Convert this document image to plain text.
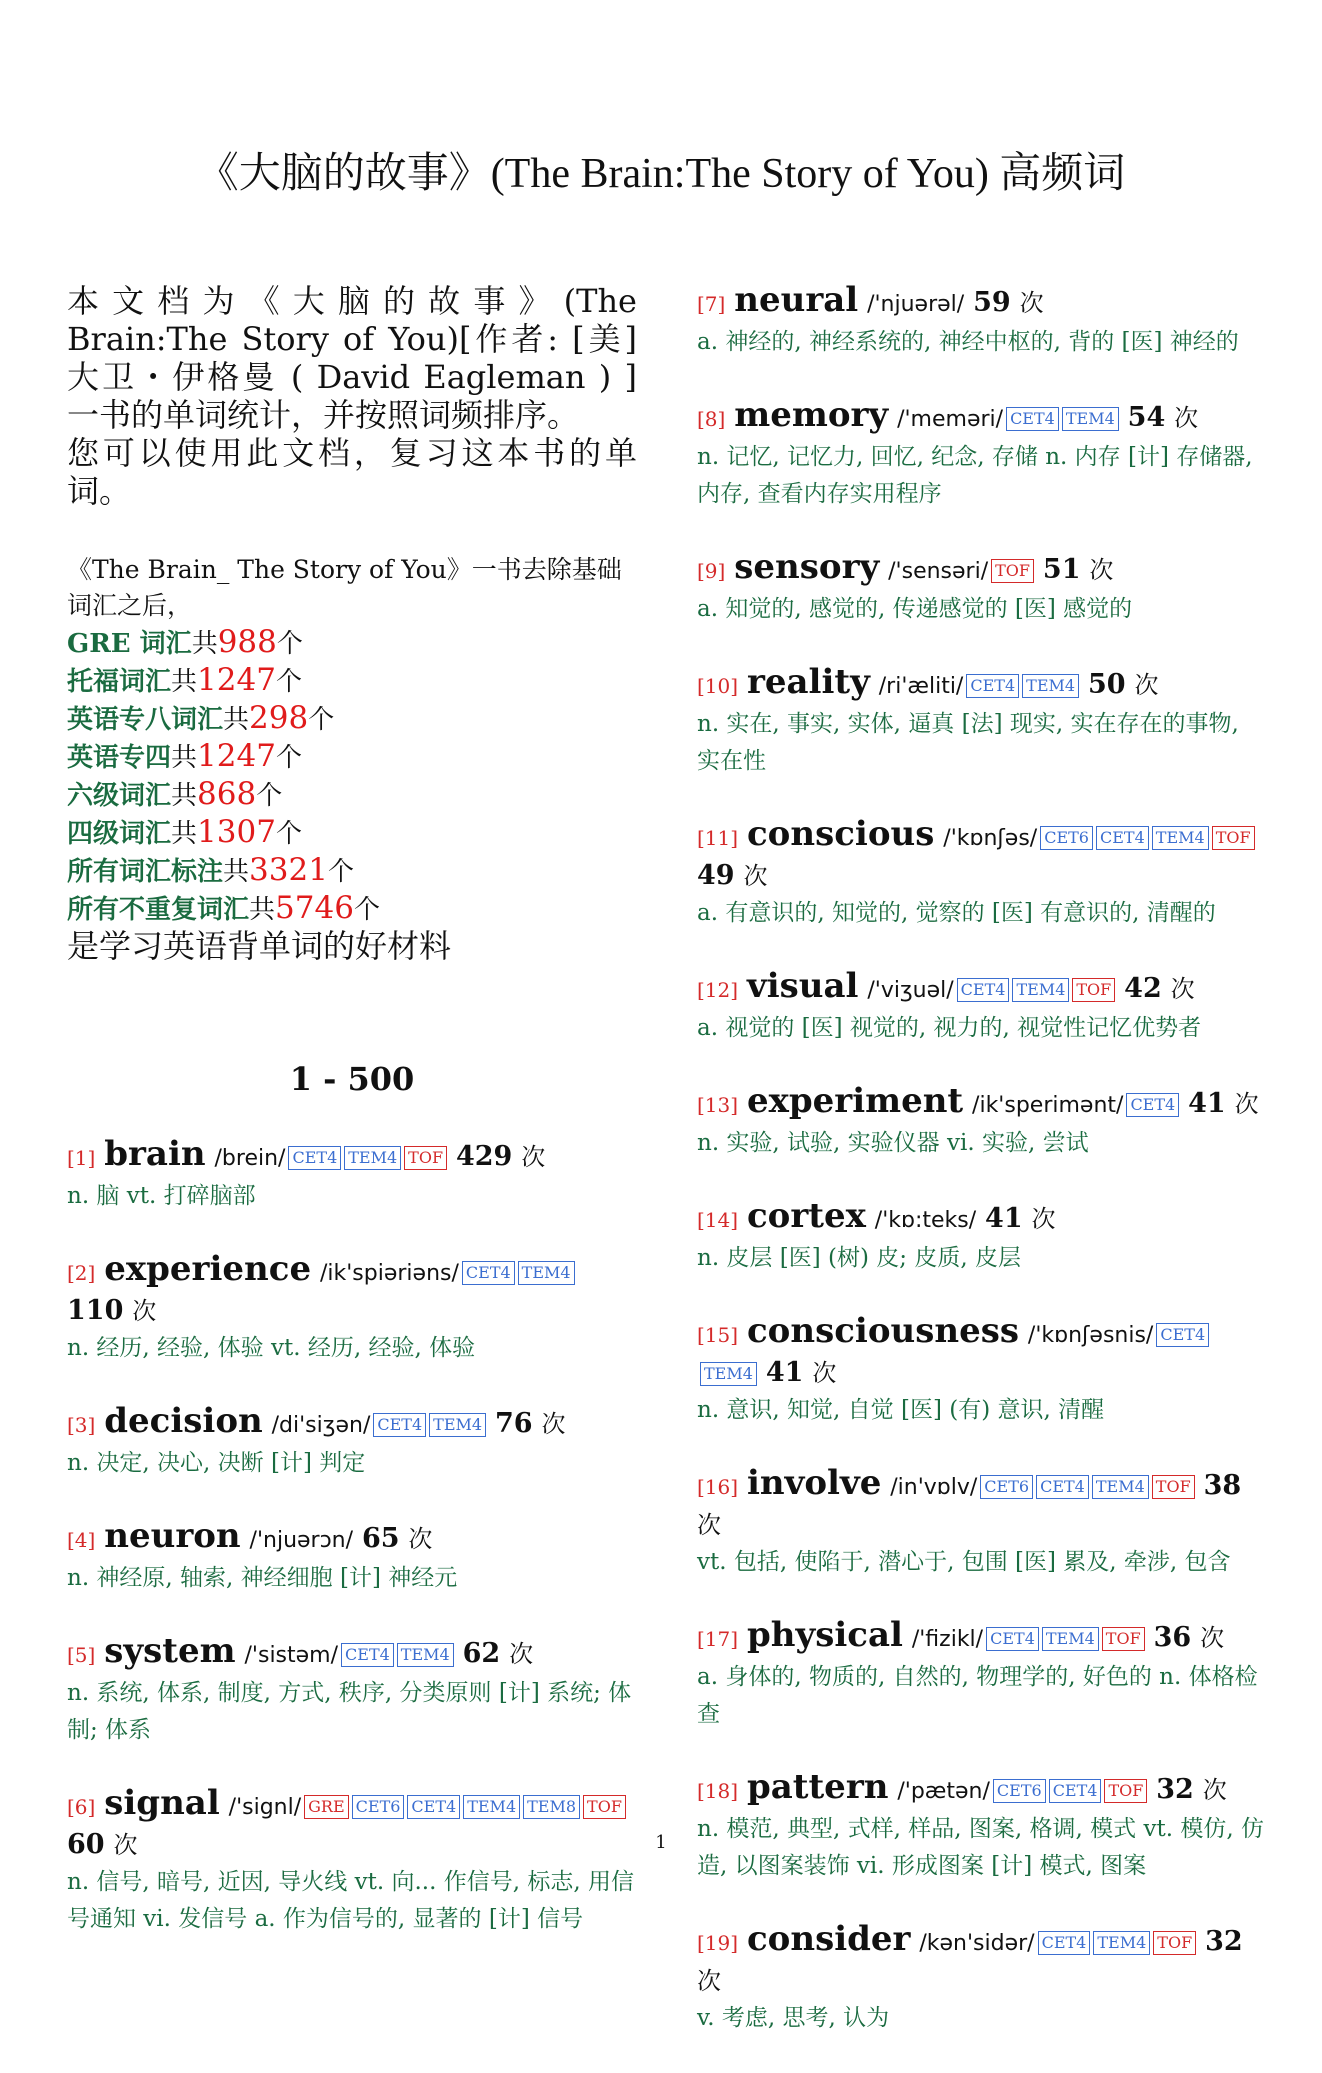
《大脑的故事》(The Brain:The Story of You) 高频词

本文档为《大脑的故事》(The Brain:The Story of You)[作者: [美] 大卫・伊格曼 ( David Eagleman ) ] 一书的单词统计，并按照词频排序。

您可以使用此文档，复习这本书的单词。

《The Brain_ The Story of You》一书去除基础词汇之后，
GRE 词汇共988个
托福词汇共1247个
英语专八词汇共298个
英语专四共1247个
六级词汇共868个
四级词汇共1307个
所有词汇标注共3321个
所有不重复词汇共5746个
是学习英语背单词的好材料
1 - 500
[1] brain /brein/ CET4 TEM4 TOF 429 次
n. 脑 vt. 打碎脑部
[2] experience /ik'spiəriəns/ CET4 TEM4 110 次
n. 经历, 经验, 体验 vt. 经历, 经验, 体验
[3] decision /di'siʒən/ CET4 TEM4 76 次
n. 决定, 决心, 决断 [计] 判定
[4] neuron /'njuərɔn/ 65 次
n. 神经原, 轴索, 神经细胞 [计] 神经元
[5] system /'sistəm/ CET4 TEM4 62 次
n. 系统, 体系, 制度, 方式, 秩序, 分类原则 [计] 系统; 体制; 体系
[6] signal /'signl/ GRE CET6 CET4 TEM4 TEM8 TOF 60 次
n. 信号, 暗号, 近因, 导火线 vt. 向... 作信号, 标志, 用信号通知 vi. 发信号 a. 作为信号的, 显著的 [计] 信号
[7] neural /'njuərəl/ 59 次
a. 神经的, 神经系统的, 神经中枢的, 背的 [医] 神经的
[8] memory /'meməri/ CET4 TEM4 54 次
n. 记忆, 记忆力, 回忆, 纪念, 存储 n. 内存 [计] 存储器, 内存, 查看内存实用程序
[9] sensory /'sensəri/ TOF 51 次
a. 知觉的, 感觉的, 传递感觉的 [医] 感觉的
[10] reality /ri'æliti/ CET4 TEM4 50 次
n. 实在, 事实, 实体, 逼真 [法] 现实, 实在存在的事物, 实在性
[11] conscious /'kɒnʃəs/ CET6 CET4 TEM4 TOF 49 次
a. 有意识的, 知觉的, 觉察的 [医] 有意识的, 清醒的
[12] visual /'viʒuəl/ CET4 TEM4 TOF 42 次
a. 视觉的 [医] 视觉的, 视力的, 视觉性记忆优势者
[13] experiment /ik'sperimənt/ CET4 41 次
n. 实验, 试验, 实验仪器 vi. 实验, 尝试
[14] cortex /'kɒ:teks/ 41 次
n. 皮层 [医] (树) 皮; 皮质, 皮层
[15] consciousness /'kɒnʃəsnis/ CET4TEM4 41 次
n. 意识, 知觉, 自觉 [医] (有) 意识, 清醒
[16] involve /in'vɒlv/ CET6 CET4 TEM4 TOF 38 次
vt. 包括, 使陷于, 潜心于, 包围 [医] 累及, 牵涉, 包含
[17] physical /'fizikl/ CET4 TEM4 TOF 36 次
a. 身体的, 物质的, 自然的, 物理学的, 好色的 n. 体格检查
[18] pattern /'pætən/ CET6 CET4 TOF 32 次
n. 模范, 典型, 式样, 样品, 图案, 格调, 模式 vt. 模仿, 仿造, 以图案装饰 vi. 形成图案 [计] 模式, 图案
[19] consider /kən'sidər/ CET4 TEM4 TOF 32 次
v. 考虑, 思考, 认为
1
